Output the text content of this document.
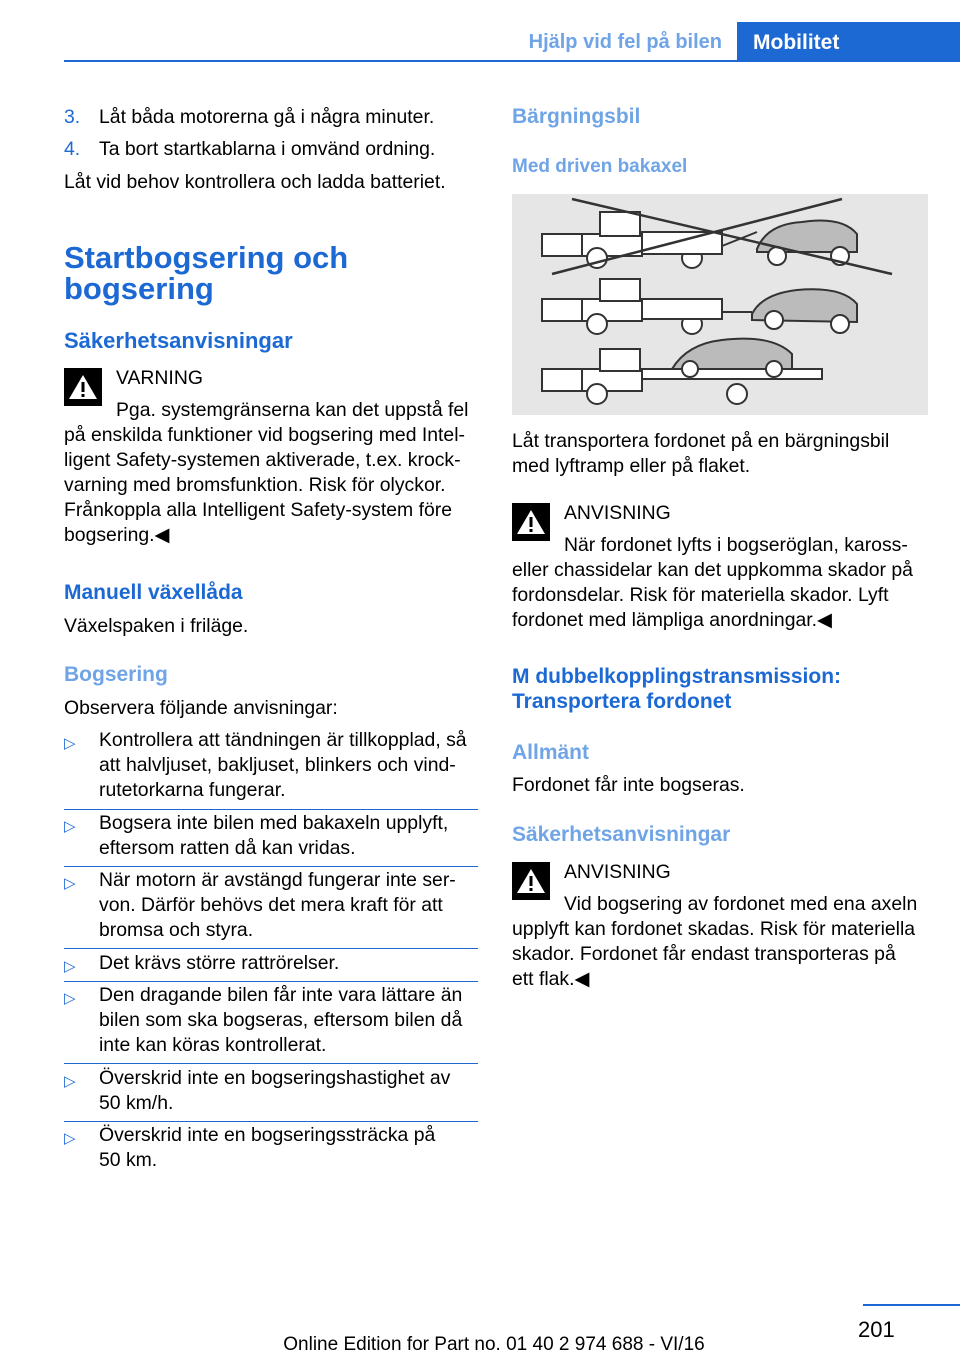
Hjälp vid fel på bilen	Mobilitet
3. Låt båda motorerna gå i några minuter.
4. Ta bort startkablarna i omvänd ordning.
Låt vid behov kontrollera och ladda batteriet.
Startbogsering och
bogsering
Säkerhetsanvisningar
VARNING
Pga. systemgränserna kan det uppstå fel
på enskilda funktioner vid bogsering med Intel‐
ligent Safety-systemen aktiverade, t.ex. krock‐
varning med bromsfunktion. Risk för olyckor.
Frånkoppla alla Intelligent Safety-system före
bogsering.◀
Manuell växellåda
Växelspaken i friläge.
Bogsering
Observera följande anvisningar:
▷ Kontrollera att tändningen är tillkopplad, så
att halvljuset, bakljuset, blinkers och vind‐
rutetorkarna fungerar.
▷ Bogsera inte bilen med bakaxeln upplyft,
eftersom ratten då kan vridas.
▷ När motorn är avstängd fungerar inte ser‐
von. Därför behövs det mera kraft för att
bromsa och styra.
▷ Det krävs större rattrörelser.
▷ Den dragande bilen får inte vara lättare än
bilen som ska bogseras, eftersom bilen då
inte kan köras kontrollerat.
▷ Överskrid inte en bogseringshastighet av
50 km/h.
▷ Överskrid inte en bogseringssträcka på
50 km.
Bärgningsbil
Med driven bakaxel
Låt transportera fordonet på en bärgningsbil
med lyftramp eller på flaket.
ANVISNING
När fordonet lyfts i bogseröglan, kaross‐
eller chassidelar kan det uppkomma skador på
fordonsdelar. Risk för materiella skador. Lyft
fordonet med lämpliga anordningar.◀
M dubbelkopplingstransmission:
Transportera fordonet
Allmänt
Fordonet får inte bogseras.
Säkerhetsanvisningar
ANVISNING
Vid bogsering av fordonet med ena axeln
upplyft kan fordonet skadas. Risk för materiella
skador. Fordonet får endast transporteras på
ett flak.◀
201
Online Edition for Part no. 01 40 2 974 688 - VI/16
